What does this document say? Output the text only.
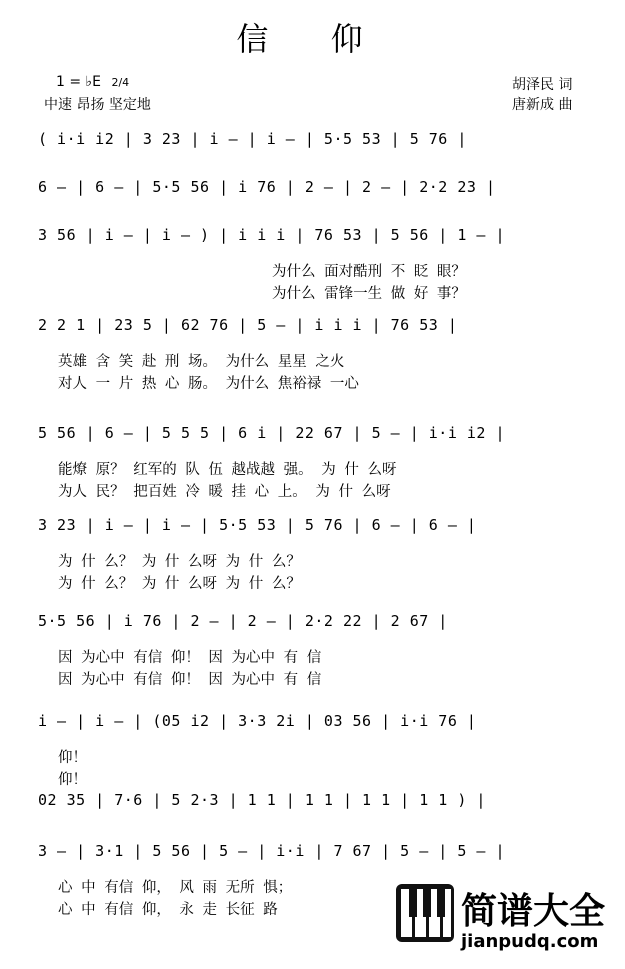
信 仰
1 = ♭E 2/4
中速 昂扬 坚定地
胡泽民 词
唐新成 曲
( i·i i2 | 3 23 | i — | i — | 5·5 53 | 5 76 |
6 — | 6 — | 5·5 56 | i 76 | 2 — | 2 — | 2·2 23 |
3 56 | i — | i — ) | i i i | 76 53 | 5 56 | 1 — |
为什么 面对酷刑 不 眨 眼？
为什么 雷锋一生 做 好 事？
2 2 1 | 23 5 | 62 76 | 5 — | i i i | 76 53 |
英雄 含 笑 赴 刑 场。 为什么 星星 之火
对人 一 片 热 心 肠。 为什么 焦裕禄 一心
5 56 | 6 — | 5 5 5 | 6 i | 22 67 | 5 — | i·i i2 |
能燎 原？ 红军的 队 伍 越战越 强。 为 什 么呀
为人 民？ 把百姓 冷 暖 挂 心 上。 为 什 么呀
3 23 | i — | i — | 5·5 53 | 5 76 | 6 — | 6 — |
为 什 么？ 为 什 么呀 为 什 么？
为 什 么？ 为 什 么呀 为 什 么？
5·5 56 | i 76 | 2 — | 2 — | 2·2 22 | 2 67 |
因 为心中 有信 仰！ 因 为心中 有 信
因 为心中 有信 仰！ 因 为心中 有 信
i — | i — | (05 i2 | 3·3 2i | 03 56 | i·i 76 |
仰！
仰！
02 35 | 7·6 | 5 2·3 | 1 1 | 1 1 | 1 1 | 1 1 ) |
3 — | 3·1 | 5 56 | 5 — | i·i | 7 67 | 5 — | 5 — |
心 中 有信 仰， 风 雨 无所 惧；
心 中 有信 仰， 永 走 长征 路	简谱大全
jianpudq.com
